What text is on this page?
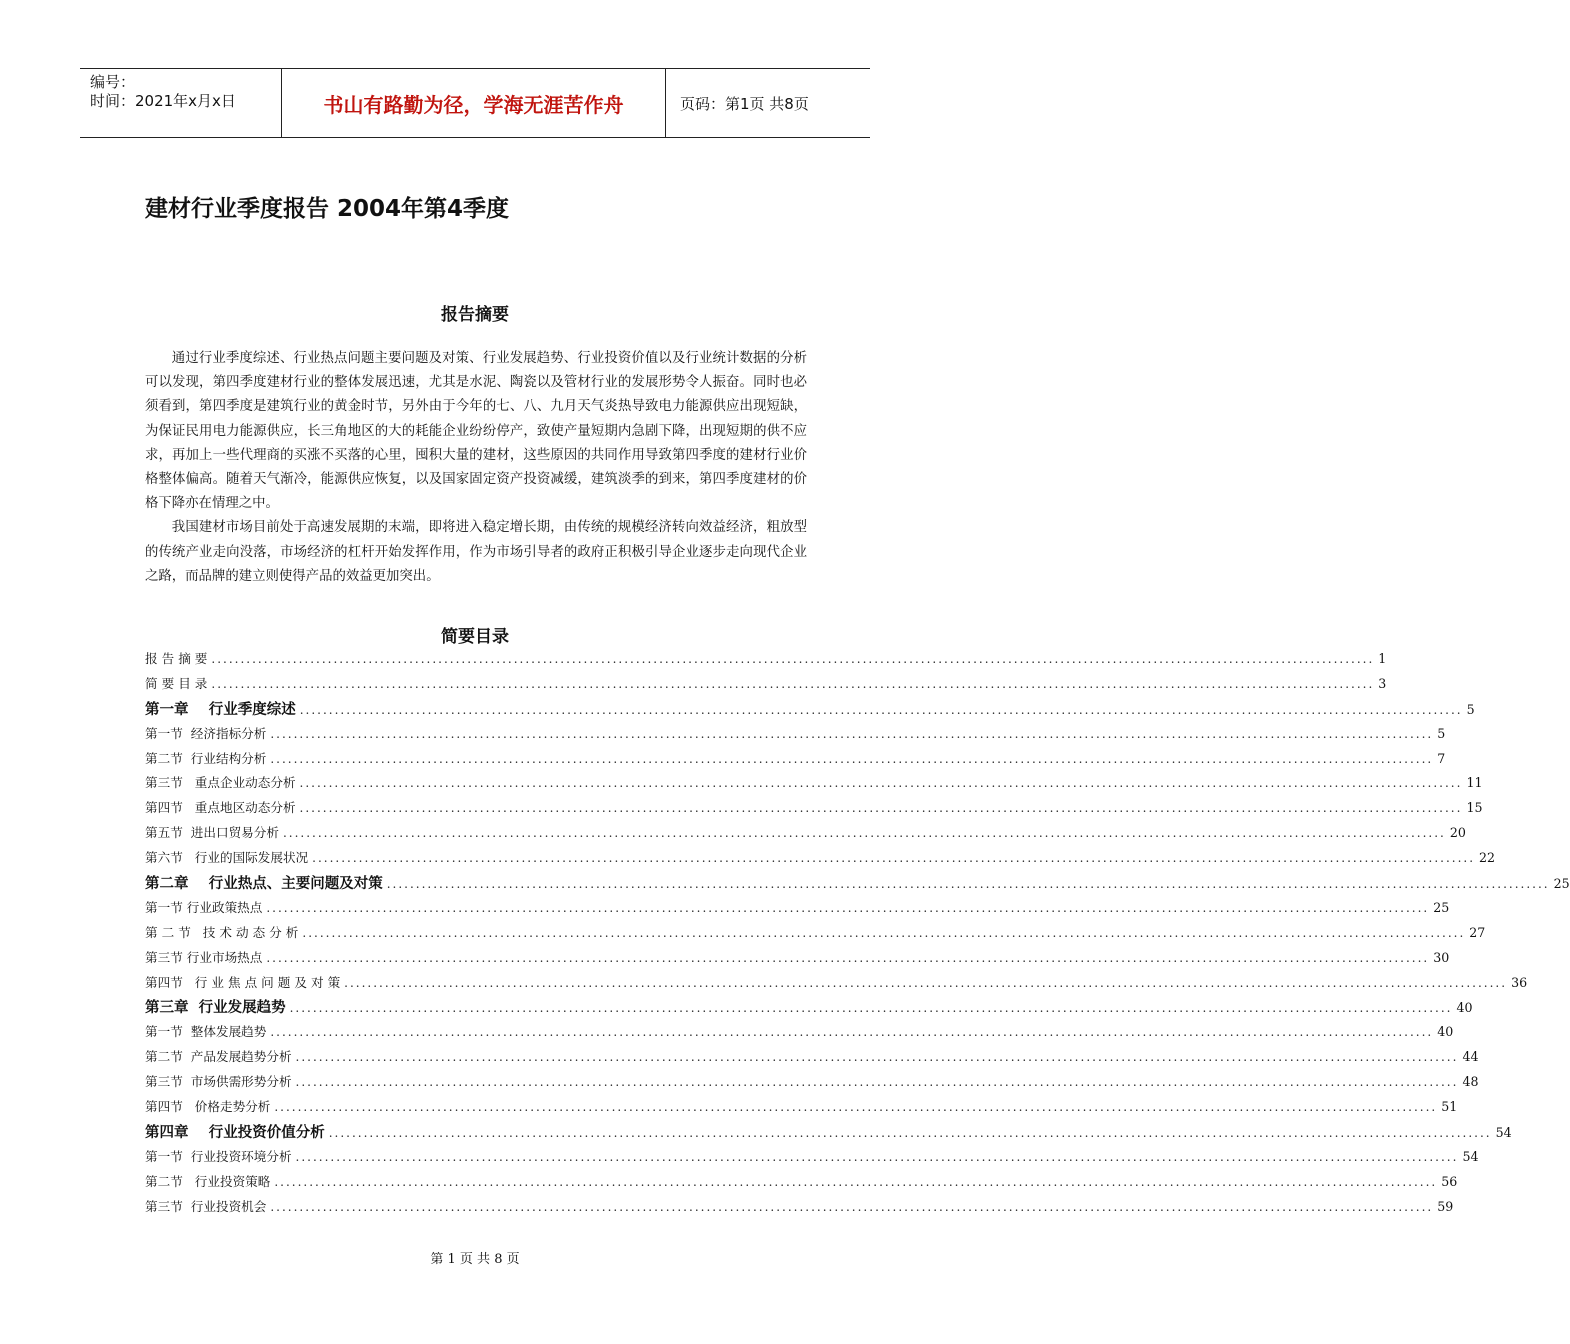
编号：
时间：2021年x月x日	书山有路勤为径，学海无涯苦作舟	页码：第1页 共8页
建材行业季度报告 2004年第4季度
报告摘要

通过行业季度综述、行业热点问题主要问题及对策、行业发展趋势、行业投资价值以及行业统计数据的分析可以发现，第四季度建材行业的整体发展迅速，尤其是水泥、陶瓷以及管材行业的发展形势令人振奋。同时也必须看到，第四季度是建筑行业的黄金时节，另外由于今年的七、八、九月天气炎热导致电力能源供应出现短缺，为保证民用电力能源供应，长三角地区的大的耗能企业纷纷停产，致使产量短期内急剧下降，出现短期的供不应求，再加上一些代理商的买涨不买落的心里，囤积大量的建材，这些原因的共同作用导致第四季度的建材行业价格整体偏高。随着天气渐冷，能源供应恢复，以及国家固定资产投资减缓，建筑淡季的到来，第四季度建材的价格下降亦在情理之中。

我国建材市场目前处于高速发展期的末端，即将进入稳定增长期，由传统的规模经济转向效益经济，粗放型的传统产业走向没落，市场经济的杠杆开始发挥作用，作为市场引导者的政府正积极引导企业逐步走向现代企业之路，而品牌的建立则使得产品的效益更加突出。

简要目录
报 告 摘 要 ........................................................................................................................................................................................................ 1
简 要 目 录 ........................................................................................................................................................................................................ 3
第一章    行业季度综述 ........................................................................................................................................................................................................ 5
第一节  经济指标分析 ........................................................................................................................................................................................................ 5
第二节  行业结构分析 ........................................................................................................................................................................................................ 7
第三节   重点企业动态分析 ........................................................................................................................................................................................................ 11
第四节   重点地区动态分析 ........................................................................................................................................................................................................ 15
第五节  进出口贸易分析 ........................................................................................................................................................................................................ 20
第六节   行业的国际发展状况 ........................................................................................................................................................................................................ 22
第二章    行业热点、主要问题及对策 ........................................................................................................................................................................................................ 25
第一节 行业政策热点 ........................................................................................................................................................................................................ 25
第 二 节   技 术 动 态 分 析 ........................................................................................................................................................................................................ 27
第三节 行业市场热点 ........................................................................................................................................................................................................ 30
第四节   行 业 焦 点 问 题 及 对 策 ........................................................................................................................................................................................................ 36
第三章  行业发展趋势 ........................................................................................................................................................................................................ 40
第一节  整体发展趋势 ........................................................................................................................................................................................................ 40
第二节  产品发展趋势分析 ........................................................................................................................................................................................................ 44
第三节  市场供需形势分析 ........................................................................................................................................................................................................ 48
第四节   价格走势分析 ........................................................................................................................................................................................................ 51
第四章    行业投资价值分析 ........................................................................................................................................................................................................ 54
第一节  行业投资环境分析 ........................................................................................................................................................................................................ 54
第二节   行业投资策略 ........................................................................................................................................................................................................ 56
第三节  行业投资机会 ........................................................................................................................................................................................................ 59
第 1 页 共 8 页
